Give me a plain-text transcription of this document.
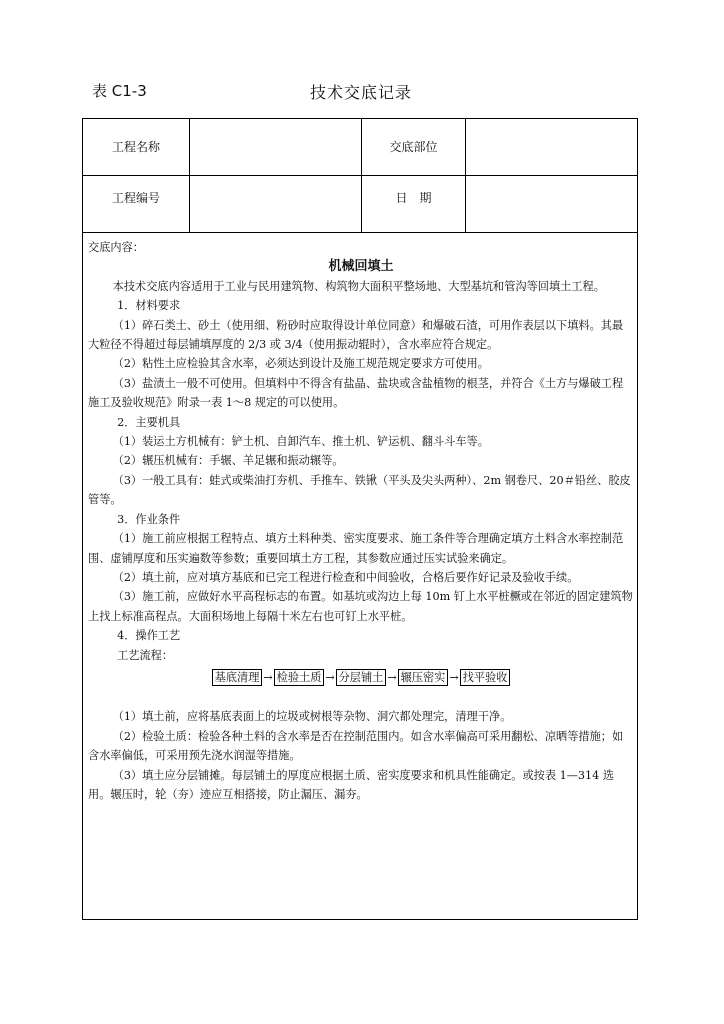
表 C1-3	技术交底记录
工程名称	交底部位
工程编号	日　期

交底内容：

机械回填土

本技术交底内容适用于工业与民用建筑物、构筑物大面积平整场地、大型基坑和管沟等回填土工程。

1．材料要求

（1）碎石类土、砂土（使用细、粉砂时应取得设计单位同意）和爆破石渣，可用作表层以下填料。其最大粒径不得超过每层铺填厚度的 2/3 或 3/4（使用振动辊时），含水率应符合规定。

（2）粘性土应检验其含水率，必须达到设计及施工规范规定要求方可使用。

（3）盐渍土一般不可使用。但填料中不得含有盐晶、盐块或含盐植物的根茎，并符合《土方与爆破工程施工及验收规范》附录一表 1～8 规定的可以使用。

2．主要机具

（1）装运土方机械有：铲土机、自卸汽车、推土机、铲运机、翻斗斗车等。

（2）辗压机械有：手辗、羊足辗和振动辗等。

（3）一般工具有：蛙式或柴油打夯机、手推车、铁锹（平头及尖头两种）、2m 钢卷尺、20＃铅丝、胶皮管等。

3．作业条件

（1）施工前应根据工程特点、填方土料种类、密实度要求、施工条件等合理确定填方土料含水率控制范围、虚铺厚度和压实遍数等参数；重要回填土方工程，其参数应通过压实试验来确定。

（2）填土前，应对填方基底和已完工程进行检查和中间验收，合格后要作好记录及验收手续。

（3）施工前，应做好水平高程标志的布置。如基坑或沟边上每 10m 钉上水平桩橛或在邻近的固定建筑物上找上标准高程点。大面积场地上每隔十米左右也可钉上水平桩。

4．操作工艺

工艺流程：

基底清理 → 检验土质 → 分层铺土 → 辗压密实 → 找平验收

（1）填土前，应将基底表面上的垃圾或树根等杂物、洞穴都处理完，清理干净。

（2）检验土质：检验各种土料的含水率是否在控制范围内。如含水率偏高可采用翻松、凉晒等措施；如含水率偏低，可采用预先浇水润湿等措施。

（3）填土应分层铺摊。每层铺土的厚度应根据土质、密实度要求和机具性能确定。或按表 1—314 选用。辗压时，轮（夯）迹应互相搭接，防止漏压、漏夯。
